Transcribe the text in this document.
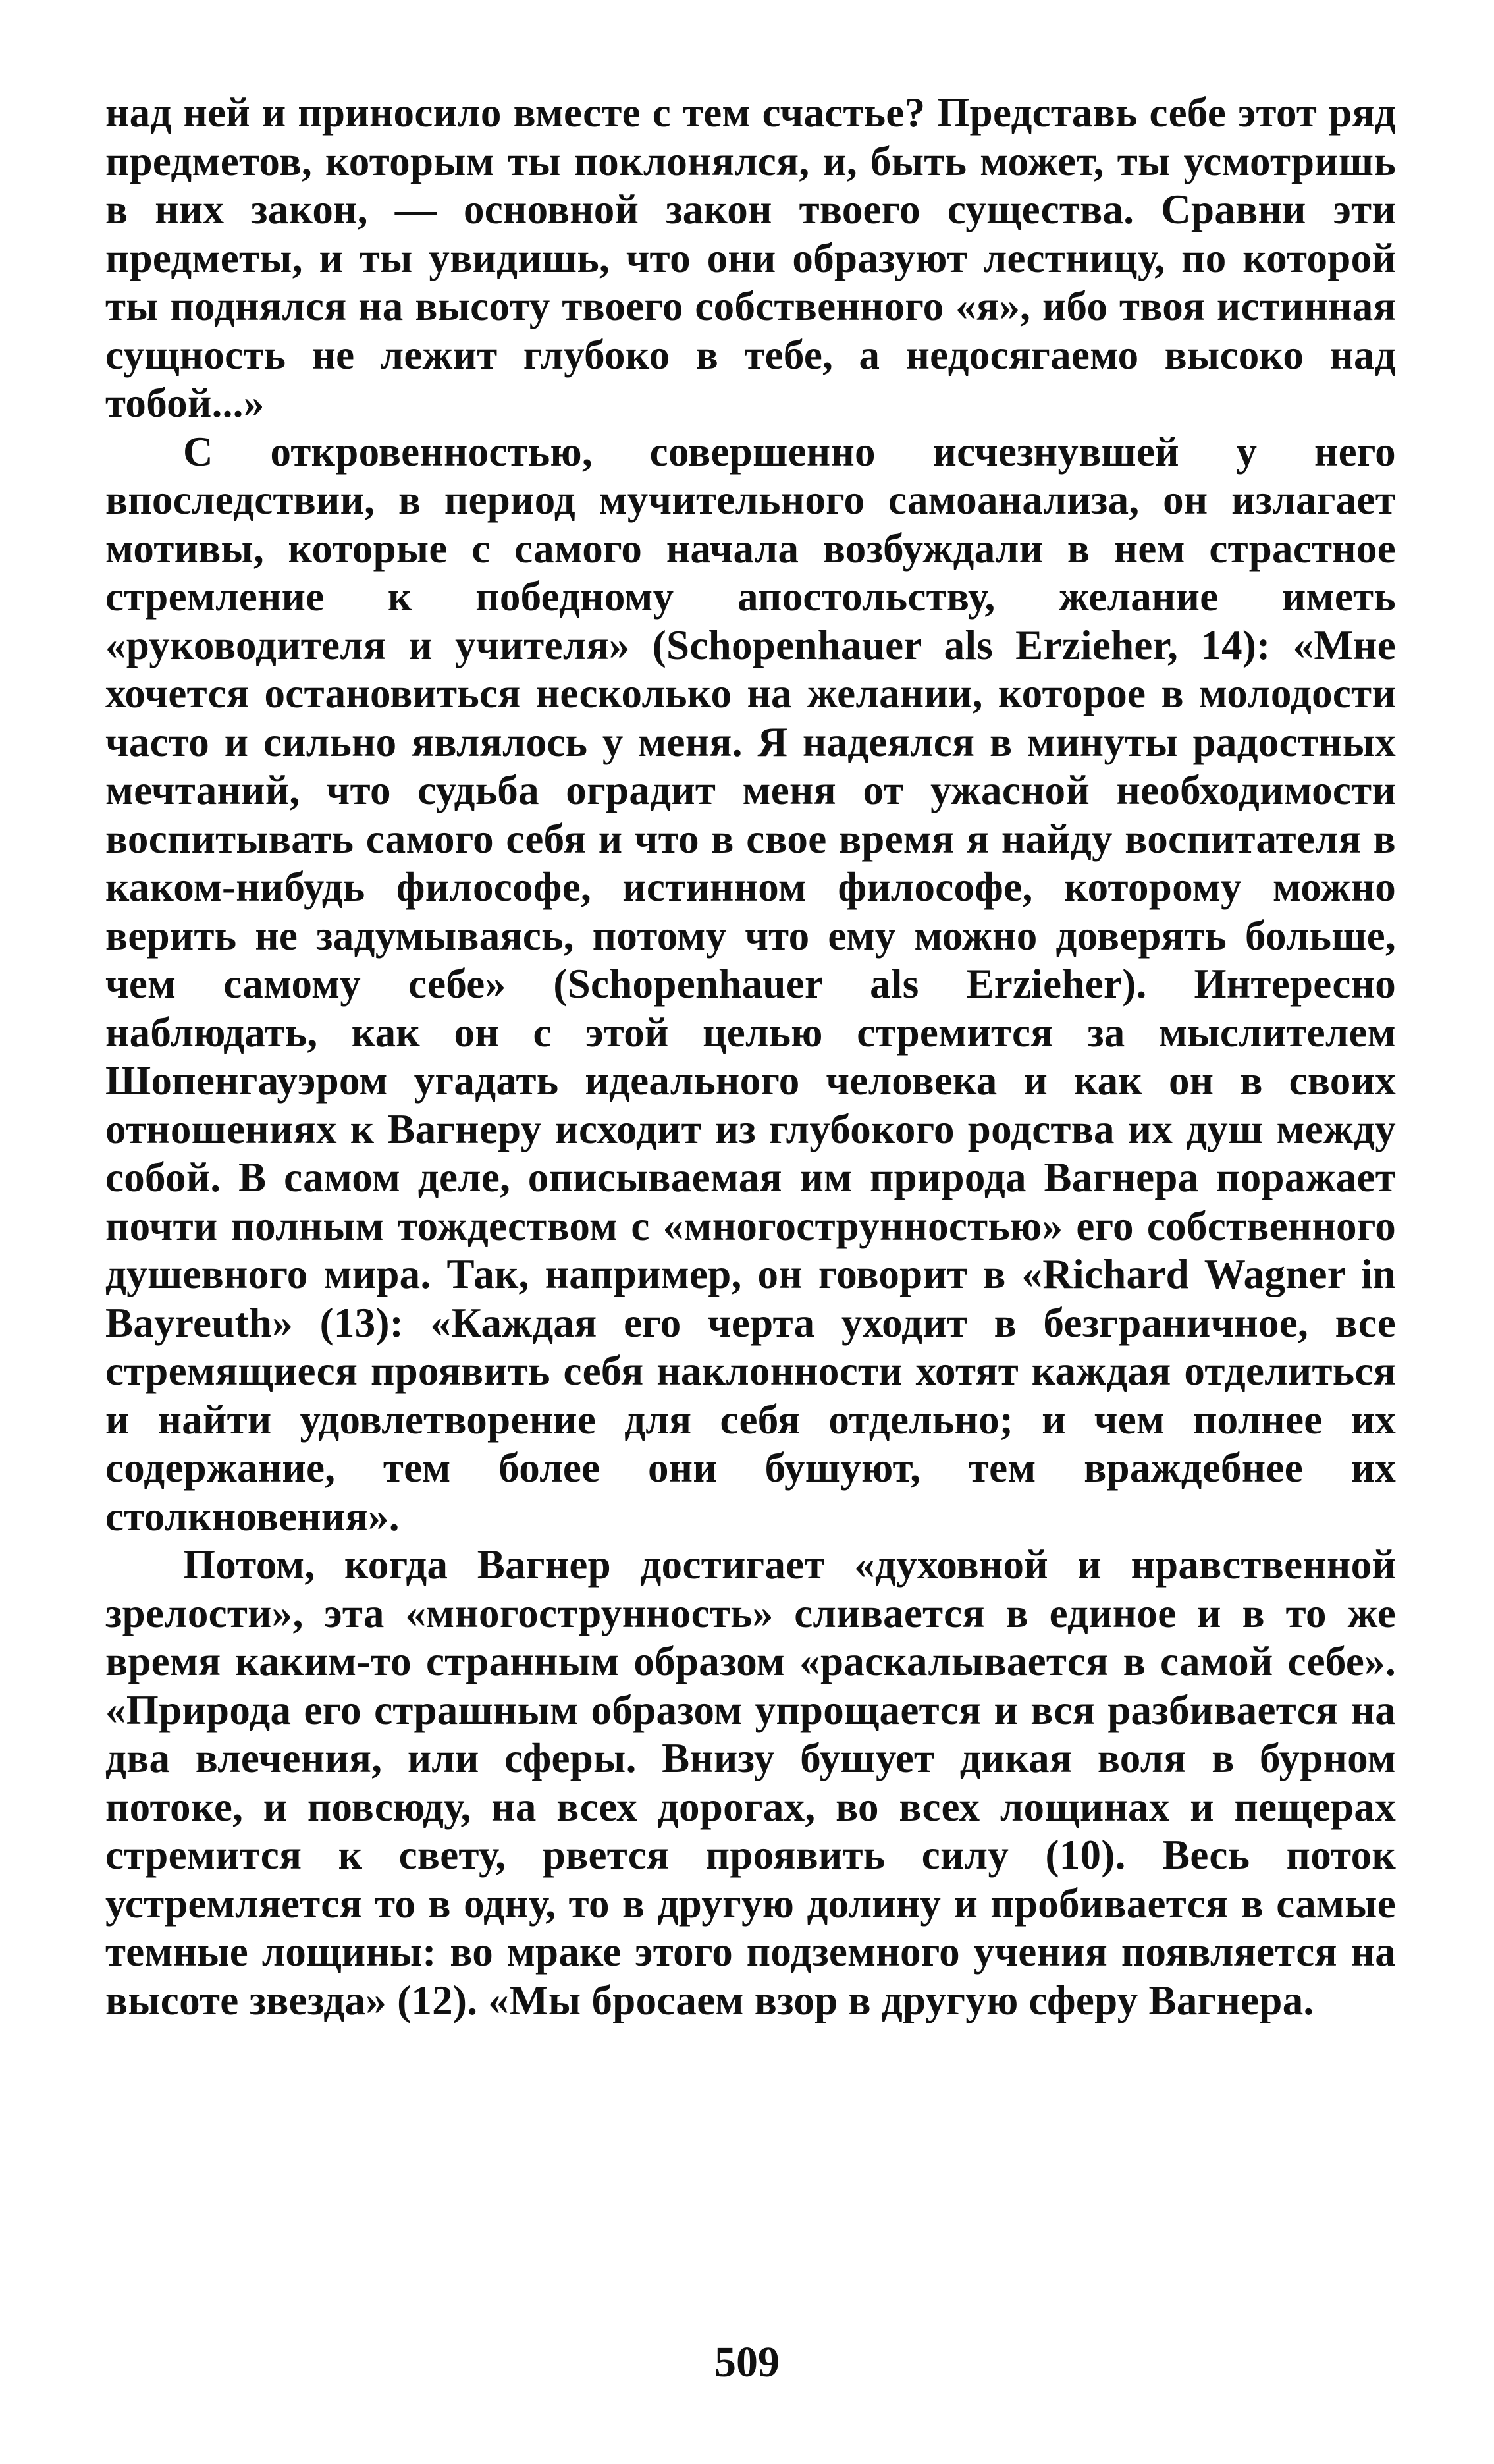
над ней и приносило вместе с тем счастье? Представь себе этот ряд предметов, которым ты поклонялся, и, быть может, ты усмотришь в них закон, — основной закон твоего существа. Сравни эти предметы, и ты увидишь, что они образуют лестницу, по которой ты поднялся на высоту твоего собственного «я», ибо твоя истинная сущность не лежит глубоко в тебе, а недосягаемо высоко над тобой...»

С откровенностью, совершенно исчезнувшей у него впоследствии, в период мучительного самоанализа, он излагает мотивы, которые с самого начала возбуждали в нем страстное стремление к победному апостольству, желание иметь «руководителя и учителя» (Schopenhauer als Erzieher, 14): «Мне хочется остановиться несколько на желании, которое в молодости часто и сильно являлось у меня. Я надеялся в минуты радостных мечтаний, что судьба оградит меня от ужасной необходимости воспитывать самого себя и что в свое время я найду воспитателя в каком-нибудь философе, истинном философе, которому можно верить не задумываясь, потому что ему можно доверять больше, чем самому себе» (Schopenhauer als Erzieher). Интересно наблюдать, как он с этой целью стремится за мыслителем Шопенгауэром угадать идеального человека и как он в своих отношениях к Вагнеру исходит из глубокого родства их душ между собой. В самом деле, описываемая им природа Вагнера поражает почти полным тождеством с «многострунностью» его собственного душевного мира. Так, например, он говорит в «Richard Wagner in Bayreuth» (13): «Каждая его черта уходит в безграничное, все стремящиеся проявить себя наклонности хотят каждая отделиться и найти удовлетворение для себя отдельно; и чем полнее их содержание, тем более они бушуют, тем враждебнее их столкновения».

Потом, когда Вагнер достигает «духовной и нравственной зрелости», эта «многострунность» сливается в единое и в то же время каким-то странным образом «раскалывается в самой себе». «Природа его страшным образом упрощается и вся разбивается на два влечения, или сферы. Внизу бушует дикая воля в бурном потоке, и повсюду, на всех дорогах, во всех лощинах и пещерах стремится к свету, рвется проявить силу (10). Весь поток устремляется то в одну, то в другую долину и пробивается в самые темные лощины: во мраке этого подземного учения появляется на высоте звезда» (12). «Мы бросаем взор в другую сферу Вагнера.

509
